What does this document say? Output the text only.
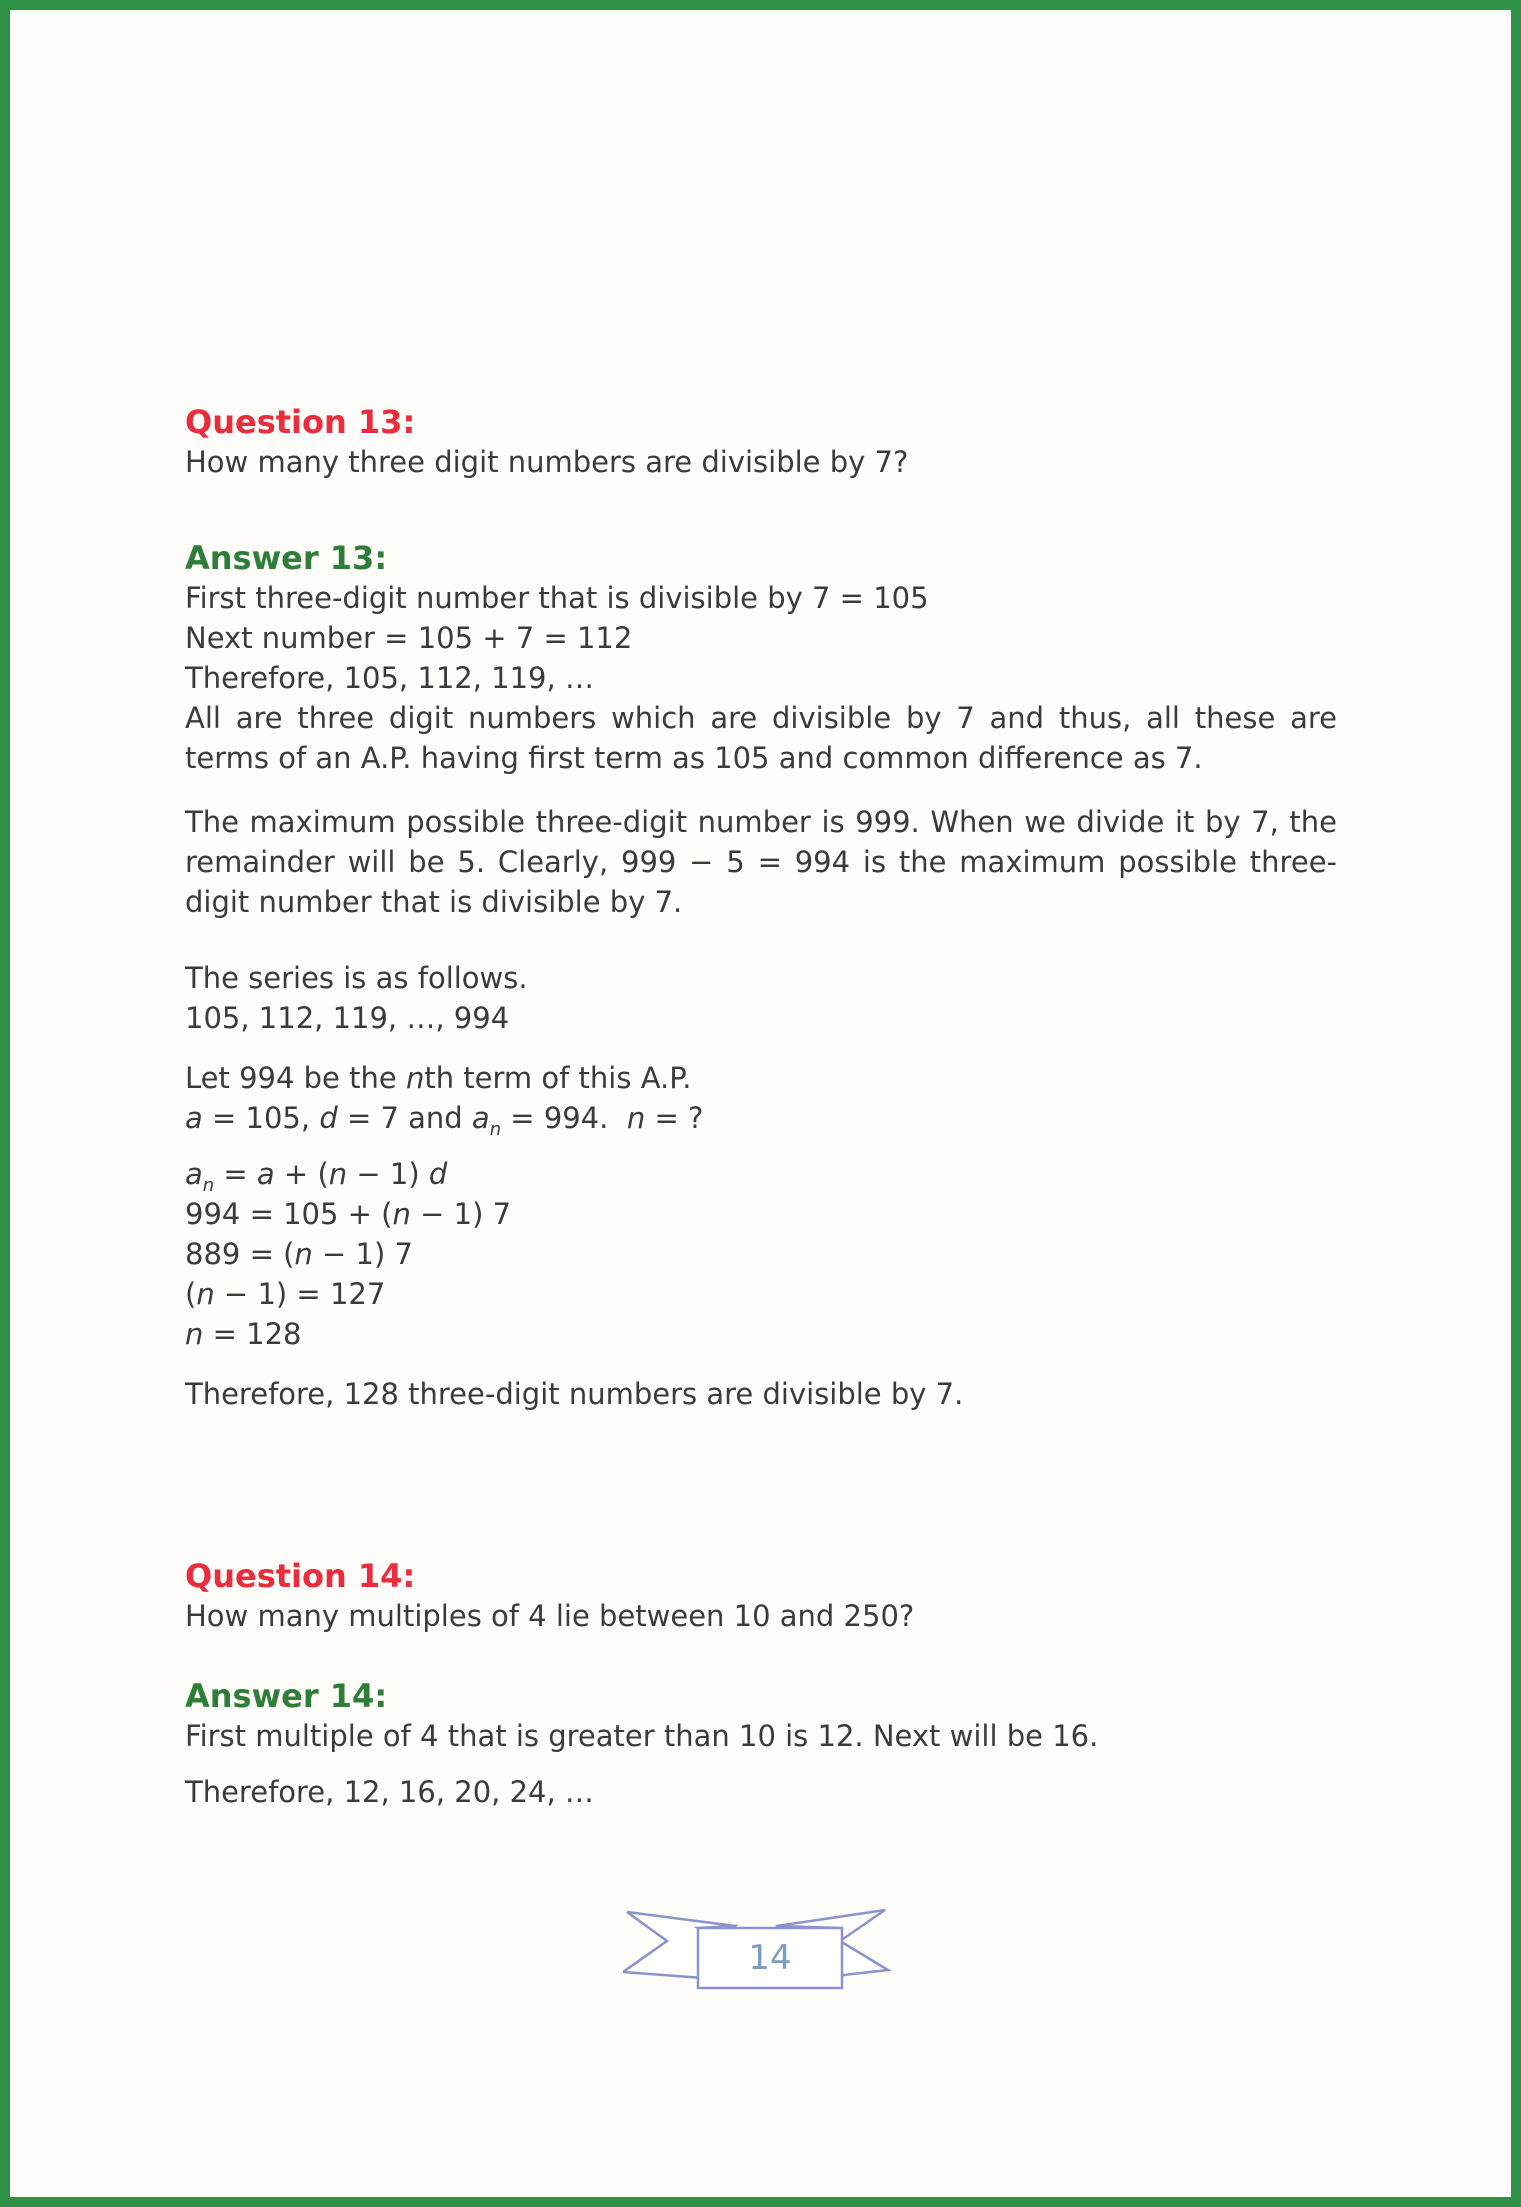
Question 13:
How many three digit numbers are divisible by 7?
Answer 13:
First three-digit number that is divisible by 7 = 105
Next number = 105 + 7 = 112
Therefore, 105, 112, 119, …
All are three digit numbers which are divisible by 7 and thus, all these are terms of an A.P. having first term as 105 and common difference as 7.
The maximum possible three-digit number is 999. When we divide it by 7, the remainder will be 5. Clearly, 999 − 5 = 994 is the maximum possible three-digit number that is divisible by 7.
The series is as follows.
105, 112, 119, …, 994
Let 994 be the nth term of this A.P.
a = 105, d = 7 and $a_n = 994$.  n = ?
$a_n = a + (n - 1)$ d
994 = 105 + (n − 1) 7
889 = (n − 1) 7
(n − 1) = 127
n = 128
Therefore, 128 three-digit numbers are divisible by 7.
Question 14:
How many multiples of 4 lie between 10 and 250?
Answer 14:
First multiple of 4 that is greater than 10 is 12. Next will be 16.
Therefore, 12, 16, 20, 24, …
14
